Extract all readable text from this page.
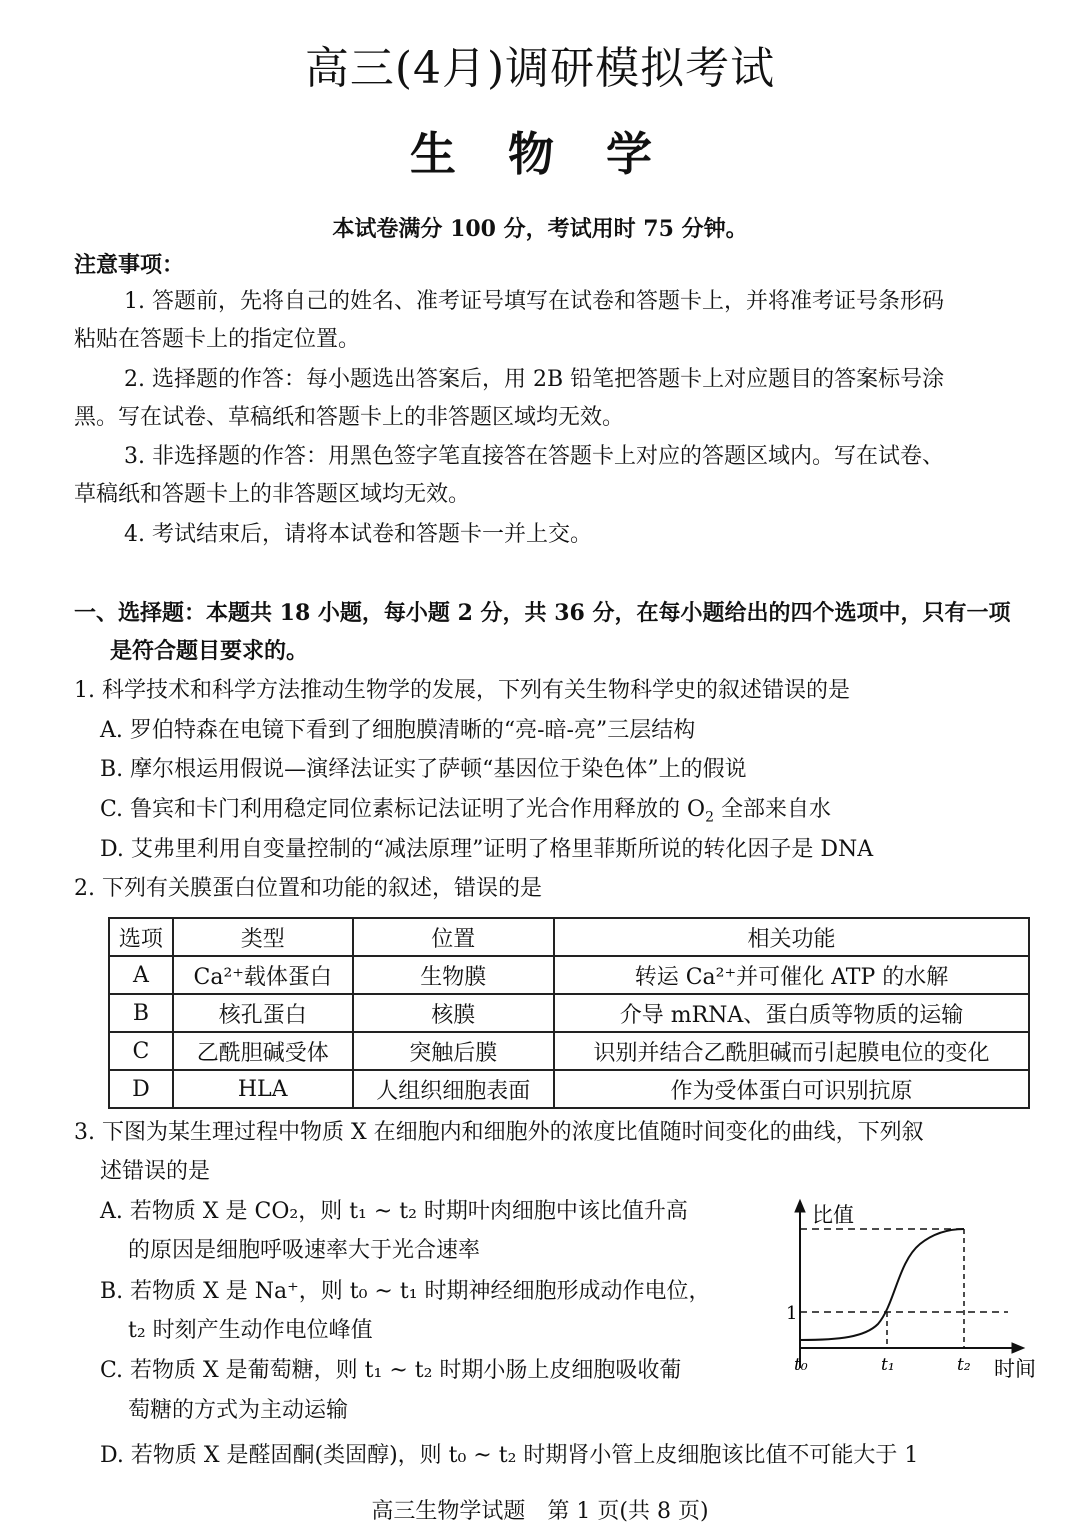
高三(4月)调研模拟考试
生 物 学
本试卷满分 100 分，考试用时 75 分钟。
注意事项：
1. 答题前，先将自己的姓名、准考证号填写在试卷和答题卡上，并将准考证号条形码
粘贴在答题卡上的指定位置。
2. 选择题的作答：每小题选出答案后，用 2B 铅笔把答题卡上对应题目的答案标号涂
黑。写在试卷、草稿纸和答题卡上的非答题区域均无效。
3. 非选择题的作答：用黑色签字笔直接答在答题卡上对应的答题区域内。写在试卷、
草稿纸和答题卡上的非答题区域均无效。
4. 考试结束后，请将本试卷和答题卡一并上交。
一、选择题：本题共 18 小题，每小题 2 分，共 36 分，在每小题给出的四个选项中，只有一项
是符合题目要求的。
1. 科学技术和科学方法推动生物学的发展，下列有关生物科学史的叙述错误的是
A. 罗伯特森在电镜下看到了细胞膜清晰的“亮-暗-亮”三层结构
B. 摩尔根运用假说—演绎法证实了萨顿“基因位于染色体”上的假说
C. 鲁宾和卡门利用稳定同位素标记法证明了光合作用释放的 $O_2$ 全部来自水
D. 艾弗里利用自变量控制的“减法原理”证明了格里菲斯所说的转化因子是 DNA
2. 下列有关膜蛋白位置和功能的叙述，错误的是
选项	类型	位置	相关功能
A	Ca²⁺载体蛋白	生物膜	转运 Ca²⁺并可催化 ATP 的水解
B	核孔蛋白	核膜	介导 mRNA、蛋白质等物质的运输
C	乙酰胆碱受体	突触后膜	识别并结合乙酰胆碱而引起膜电位的变化
D	HLA	人组织细胞表面	作为受体蛋白可识别抗原
3. 下图为某生理过程中物质 X 在细胞内和细胞外的浓度比值随时间变化的曲线，下列叙
述错误的是
A. 若物质 X 是 CO₂，则 t₁ ~ t₂ 时期叶肉细胞中该比值升高
的原因是细胞呼吸速率大于光合速率
B. 若物质 X 是 Na⁺，则 t₀ ~ t₁ 时期神经细胞形成动作电位，
t₂ 时刻产生动作电位峰值
C. 若物质 X 是葡萄糖，则 t₁ ~ t₂ 时期小肠上皮细胞吸收葡
萄糖的方式为主动运输
D. 若物质 X 是醛固酮(类固醇)，则 t₀ ~ t₂ 时期肾小管上皮细胞该比值不可能大于 1
比值
时间
1
t₀	t₁	t₂
高三生物学试题　第 1 页(共 8 页)
